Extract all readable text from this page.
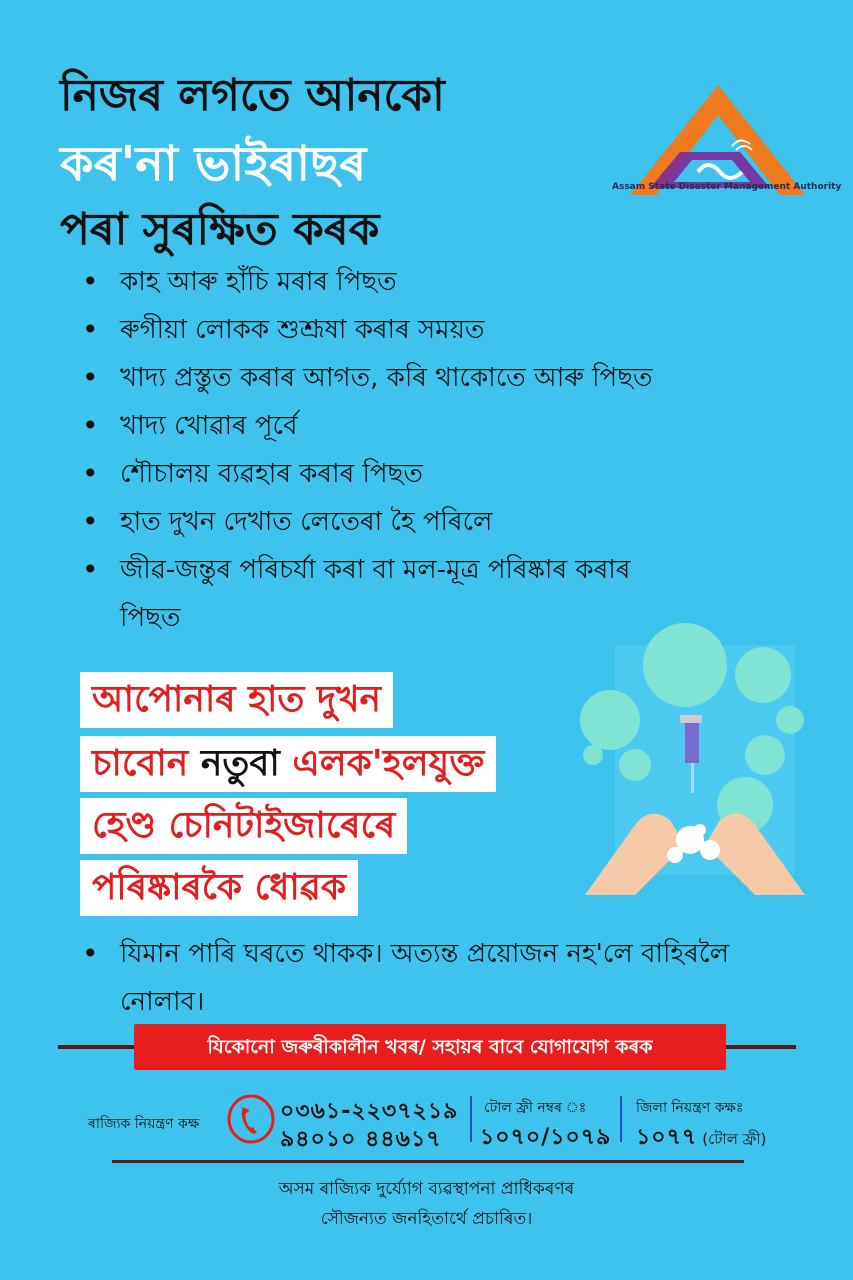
নিজৰ লগতে আনকো
কৰ'না ভাইৰাছৰ
পৰা সুৰক্ষিত কৰক
Assam State Disaster Management Authority
• কাহ আৰু হাঁচি মৰাৰ পিছত
• ৰুগীয়া লোকক শুশ্ৰূষা কৰাৰ সময়ত
• খাদ্য প্ৰস্তুত কৰাৰ আগত, কৰি থাকোতে আৰু পিছত
• খাদ্য খোৱাৰ পূৰ্বে
• শৌচালয় ব্যৱহাৰ কৰাৰ পিছত
• হাত দুখন দেখাত লেতেৰা হৈ পৰিলে
• জীৱ-জন্তুৰ পৰিচৰ্যা কৰা বা মল-মূত্ৰ পৰিষ্কাৰ কৰাৰ পিছত
আপোনাৰ হাত দুখন
চাবোন নতুবা এলক'হলযুক্ত
হেণ্ড চেনিটাইজাৰেৰে
পৰিষ্কাৰকৈ ধোৱক
• যিমান পাৰি ঘৰতে থাকক। অত্যন্ত প্ৰয়োজন নহ'লে বাহিৰলৈ নোলাব।
যিকোনো জৰুৰীকালীন খবৰ/ সহায়ৰ বাবে যোগাযোগ কৰক
ৰাজ্যিক নিয়ন্ত্ৰণ কক্ষ	০৩৬১-২২৩৭২১৯
৯৪০১০ ৪৪৬১৭
টোল ফ্ৰী নম্বৰ ঃ
১০৭০/১০৭৯
জিলা নিয়ন্ত্ৰণ কক্ষঃ
১০৭৭ (টোল ফ্ৰী)
অসম ৰাজ্যিক দুৰ্য্যোগ ব্যৱস্থাপনা প্ৰাধিকৰণৰ
সৌজন্যত জনহিতাৰ্থে প্ৰচাৰিত।
